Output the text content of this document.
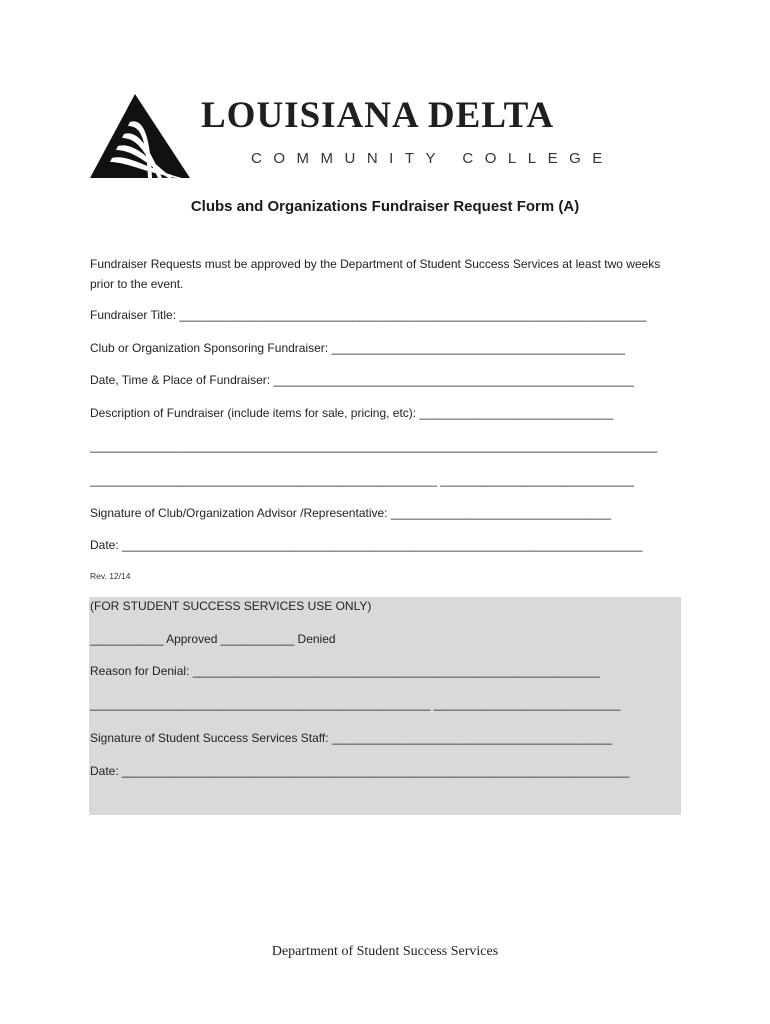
LOUISIANA DELTA
COMMUNITY COLLEGE
Clubs and Organizations Fundraiser Request Form (A)
Fundraiser Requests must be approved by the Department of Student Success Services at least two weeks prior to the event.
Fundraiser Title: ______________________________________________________________________
Club or Organization Sponsoring Fundraiser: ____________________________________________
Date, Time & Place of Fundraiser: ______________________________________________________
Description of Fundraiser (include items for sale, pricing, etc): _____________________________
_____________________________________________________________________________________
____________________________________________________ _____________________________
Signature of Club/Organization Advisor /Representative: _________________________________
Date: ______________________________________________________________________________
Rev. 12/14
(FOR STUDENT SUCCESS SERVICES USE ONLY)
___________ Approved ___________ Denied
Reason for Denial: _____________________________________________________________
___________________________________________________ ____________________________
Signature of Student Success Services Staff: __________________________________________
Date: ____________________________________________________________________________
Department of Student Success Services
